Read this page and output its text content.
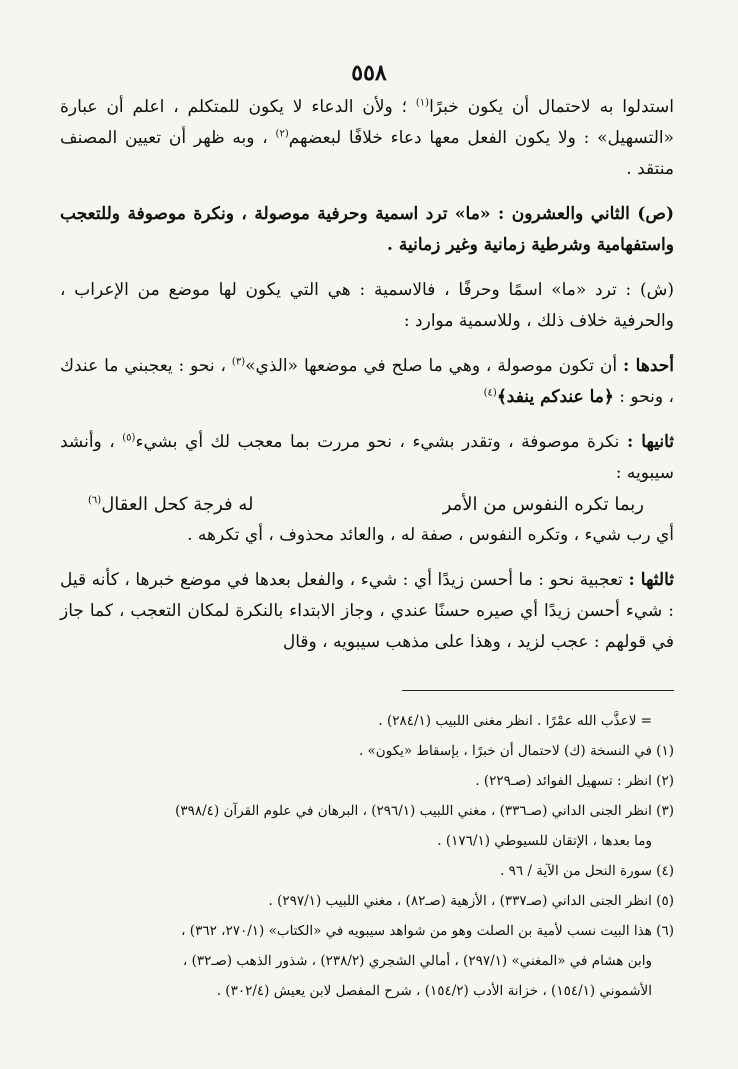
٥٥٨

استدلوا به لاحتمال أن يكون خبرًا$^{(١)}$ ؛ ولأن الدعاء لا يكون للمتكلم ، اعلم أن عبارة «التسهيل» : ولا يكون الفعل معها دعاء خلافًا لبعضهم$^{(٢)}$ ، وبه ظهر أن تعيين المصنف منتقد .

(ص) الثاني والعشرون : «ما» ترد اسمية وحرفية موصولة ، ونكرة موصوفة وللتعجب واستفهامية وشرطية زمانية وغير زمانية .

(ش) : ترد «ما» اسمًا وحرفًا ، فالاسمية : هي التي يكون لها موضع من الإعراب ، والحرفية خلاف ذلك ، وللاسمية موارد :

أحدها : أن تكون موصولة ، وهي ما صلح في موضعها «الذي»$^{(٣)}$ ، نحو : يعجبني ما عندك ، ونحو : ﴿ما عندكم ينفد﴾$^{(٤)}$

ثانيها : نكرة موصوفة ، وتقدر بشيء ، نحو مررت بما معجب لك أي بشيء$^{(٥)}$ ، وأنشد سيبويه :

ربما تكره النفوس من الأمر
له فرجة كحل العقال$^{(٦)}$

أي رب شيء ، وتكره النفوس ، صفة له ، والعائد محذوف ، أي تكرهه .

ثالثها : تعجبية نحو : ما أحسن زيدًا أي : شيء ، والفعل بعدها في موضع خبرها ، كأنه قيل : شيء أحسن زيدًا أي صيره حسنًا عندي ، وجاز الابتداء بالنكرة لمكان التعجب ، كما جاز في قولهم : عجب لزيد ، وهذا على مذهب سيبويه ، وقال

= لاعذَّب الله عمْرًا . انظر مغنى اللبيب (٢٨٤/١) .

(١) في النسخة (ك) لاحتمال أن خبرًا ، بإسقاط «يكون» .

(٢) انظر : تسهيل الفوائد (صـ٢٢٩) .

(٣) انظر الجنى الداني (صـ٣٣٦) ، مغني اللبيب (٢٩٦/١) ، البرهان في علوم القرآن (٣٩٨/٤)

وما بعدها ، الإتقان للسيوطي (١٧٦/١) .

(٤) سورة النحل من الآية / ٩٦ .

(٥) انظر الجنى الداني (صـ٣٣٧) ، الأزهية (صـ٨٢) ، مغني اللبيب (٢٩٧/١) .

(٦) هذا البيت نسب لأمية بن الصلت وهو من شواهد سيبويه في «الكتاب» (٢٧٠/١، ٣٦٢) ،

وابن هشام في «المغني» (٢٩٧/١) ، أمالي الشجري (٢٣٨/٢) ، شذور الذهب (صـ٣٢) ،

الأشموني (١٥٤/١) ، خزانة الأدب (١٥٤/٢) ، شرح المفصل لابن يعيش (٣٠٢/٤) .
